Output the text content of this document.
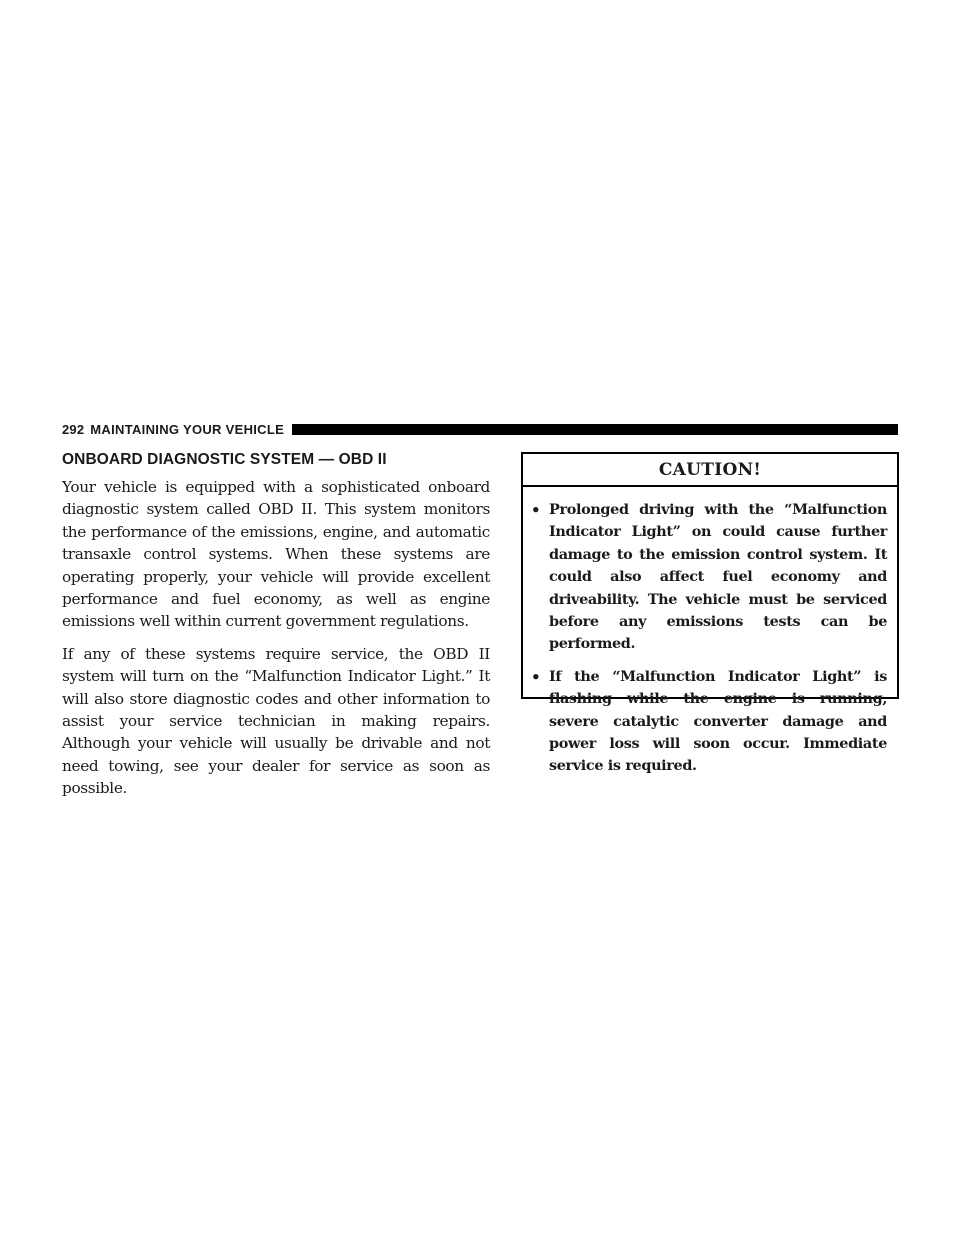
292 MAINTAINING YOUR VEHICLE
ONBOARD DIAGNOSTIC SYSTEM — OBD II

Your vehicle is equipped with a sophisticated onboard diagnostic system called OBD II. This system monitors the performance of the emissions, engine, and automatic transaxle control systems. When these systems are operating properly, your vehicle will provide excellent performance and fuel economy, as well as engine emissions well within current government regulations.

If any of these systems require service, the OBD II system will turn on the “Malfunction Indicator Light.” It will also store diagnostic codes and other information to assist your service technician in making repairs. Although your vehicle will usually be drivable and not need towing, see your dealer for service as soon as possible.

CAUTION!
• Prolonged driving with the “Malfunction Indicator Light” on could cause further damage to the emission control system. It could also affect fuel economy and driveability. The vehicle must be serviced before any emissions tests can be performed.
• If the “Malfunction Indicator Light” is flashing while the engine is running, severe catalytic converter damage and power loss will soon occur. Immediate service is required.
